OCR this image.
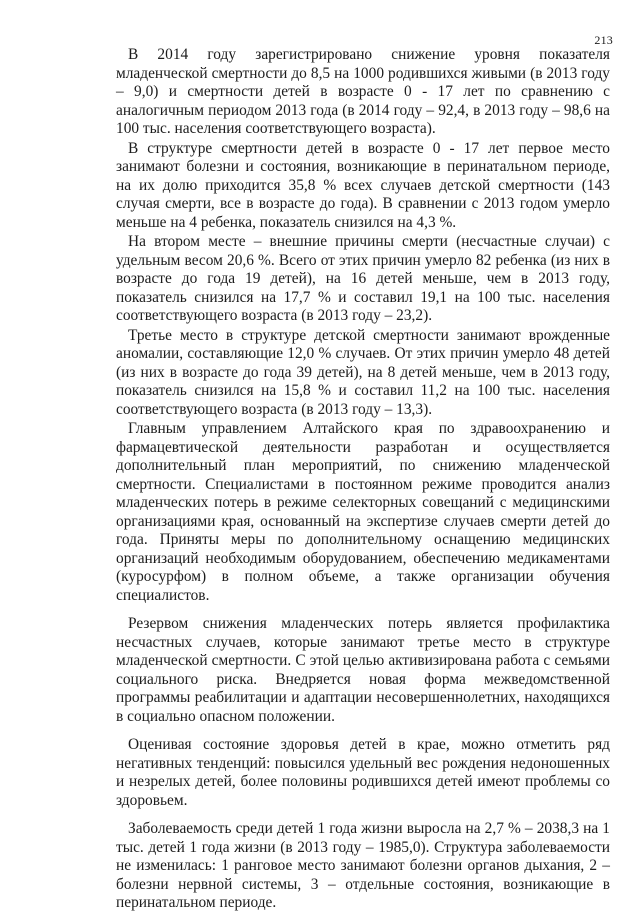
213

В 2014 году зарегистрировано снижение уровня показателя младенческой смертности до 8,5 на 1000 родившихся живыми (в 2013 году – 9,0) и смертности детей в возрасте 0 - 17 лет по сравнению с аналогичным периодом 2013 года (в 2014 году – 92,4, в 2013 году – 98,6 на 100 тыс. населения соответствующего возраста).

В структуре смертности детей в возрасте 0 - 17 лет первое место занимают болезни и состояния, возникающие в перинатальном периоде, на их долю приходится 35,8 % всех случаев детской смертности (143 случая смерти, все в возрасте до года). В сравнении с 2013 годом умерло меньше на 4 ребенка, показатель снизился на 4,3 %.

На втором месте – внешние причины смерти (несчастные случаи) с удельным весом 20,6 %. Всего от этих причин умерло 82 ребенка (из них в возрасте до года 19 детей), на 16 детей меньше, чем в 2013 году, показатель снизился на 17,7 % и составил 19,1 на 100 тыс. населения соответствующего возраста (в 2013 году – 23,2).

Третье место в структуре детской смертности занимают врожденные аномалии, составляющие 12,0 % случаев. От этих причин умерло 48 детей (из них в возрасте до года 39 детей), на 8 детей меньше, чем в 2013 году, показатель снизился на 15,8 % и составил 11,2 на 100 тыс. населения соответствующего возраста (в 2013 году – 13,3).

Главным управлением Алтайского края по здравоохранению и фармацевтической деятельности разработан и осуществляется дополнительный план мероприятий, по снижению младенческой смертности. Специалистами в постоянном режиме проводится анализ младенческих потерь в режиме селекторных совещаний с медицинскими организациями края, основанный на экспертизе случаев смерти детей до года. Приняты меры по дополнительному оснащению медицинских организаций необходимым оборудованием, обеспечению медикаментами (куросурфом) в полном объеме, а также организации обучения специалистов.

Резервом снижения младенческих потерь является профилактика несчастных случаев, которые занимают третье место в структуре младенческой смертности. С этой целью активизирована работа с семьями социального риска. Внедряется новая форма межведомственной программы реабилитации и адаптации несовершеннолетних, находящихся в социально опасном положении.

Оценивая состояние здоровья детей в крае, можно отметить ряд негативных тенденций: повысился удельный вес рождения недоношенных и незрелых детей, более половины родившихся детей имеют проблемы со здоровьем.

Заболеваемость среди детей 1 года жизни выросла на 2,7 % – 2038,3 на 1 тыс. детей 1 года жизни (в 2013 году – 1985,0). Структура заболеваемости не изменилась: 1 ранговое место занимают болезни органов дыхания, 2 – болезни нервной системы, 3 – отдельные состояния, возникающие в перинатальном периоде.
